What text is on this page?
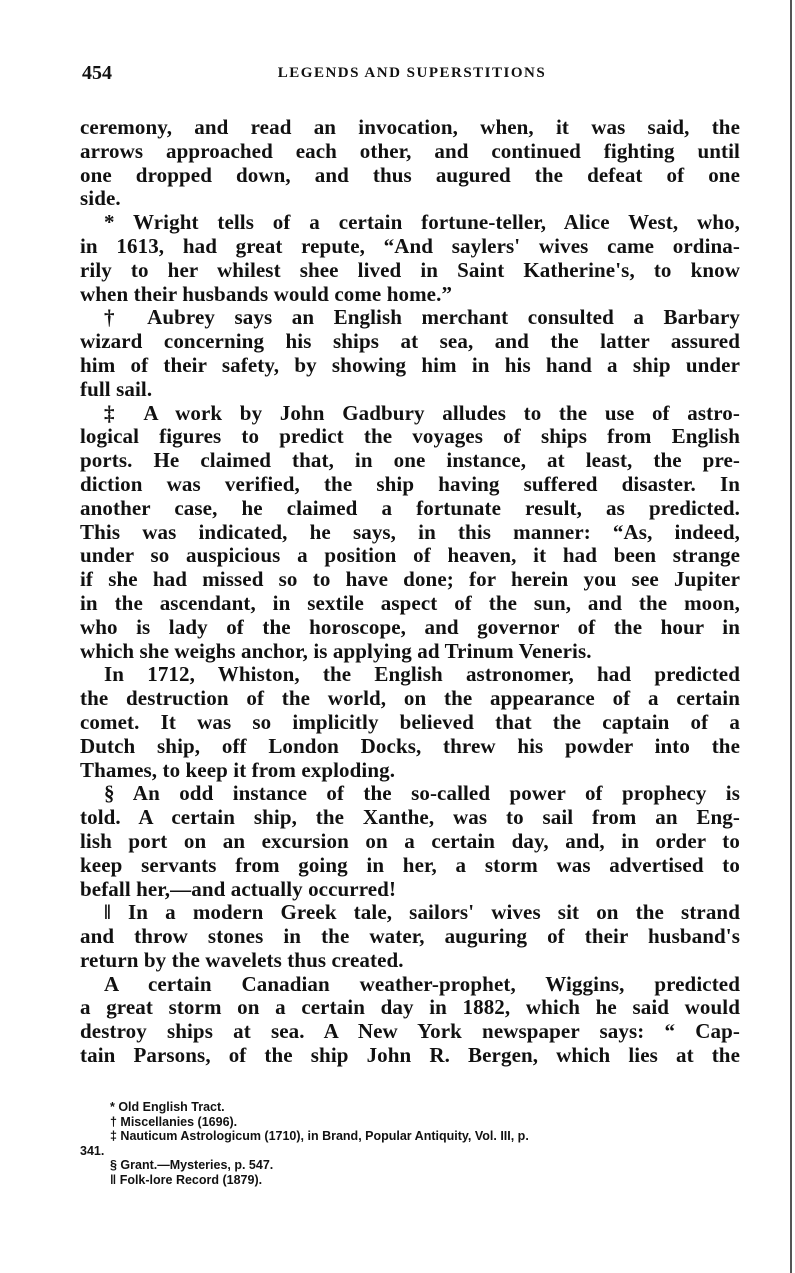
454	LEGENDS AND SUPERSTITIONS
ceremony, and read an invocation, when, it was said, the
arrows approached each other, and continued fighting until
one dropped down, and thus augured the defeat of one
side.
* Wright tells of a certain fortune-teller, Alice West, who,
in 1613, had great repute, “And saylers' wives came ordina-
rily to her whilest shee lived in Saint Katherine's, to know
when their husbands would come home.”
† Aubrey says an English merchant consulted a Barbary
wizard concerning his ships at sea, and the latter assured
him of their safety, by showing him in his hand a ship under
full sail.
‡ A work by John Gadbury alludes to the use of astro-
logical figures to predict the voyages of ships from English
ports. He claimed that, in one instance, at least, the pre-
diction was verified, the ship having suffered disaster. In
another case, he claimed a fortunate result, as predicted.
This was indicated, he says, in this manner: “As, indeed,
under so auspicious a position of heaven, it had been strange
if she had missed so to have done; for herein you see Jupiter
in the ascendant, in sextile aspect of the sun, and the moon,
who is lady of the horoscope, and governor of the hour in
which she weighs anchor, is applying ad Trinum Veneris.
In 1712, Whiston, the English astronomer, had predicted
the destruction of the world, on the appearance of a certain
comet. It was so implicitly believed that the captain of a
Dutch ship, off London Docks, threw his powder into the
Thames, to keep it from exploding.
§ An odd instance of the so-called power of prophecy is
told. A certain ship, the Xanthe, was to sail from an Eng-
lish port on an excursion on a certain day, and, in order to
keep servants from going in her, a storm was advertised to
befall her,—and actually occurred!
‖ In a modern Greek tale, sailors' wives sit on the strand
and throw stones in the water, auguring of their husband's
return by the wavelets thus created.
A certain Canadian weather-prophet, Wiggins, predicted
a great storm on a certain day in 1882, which he said would
destroy ships at sea. A New York newspaper says: “ Cap-
tain Parsons, of the ship John R. Bergen, which lies at the
* Old English Tract.
† Miscellanies (1696).
‡ Nauticum Astrologicum (1710), in Brand, Popular Antiquity, Vol. III, p.
341.
§ Grant.—Mysteries, p. 547.
‖ Folk-lore Record (1879).
